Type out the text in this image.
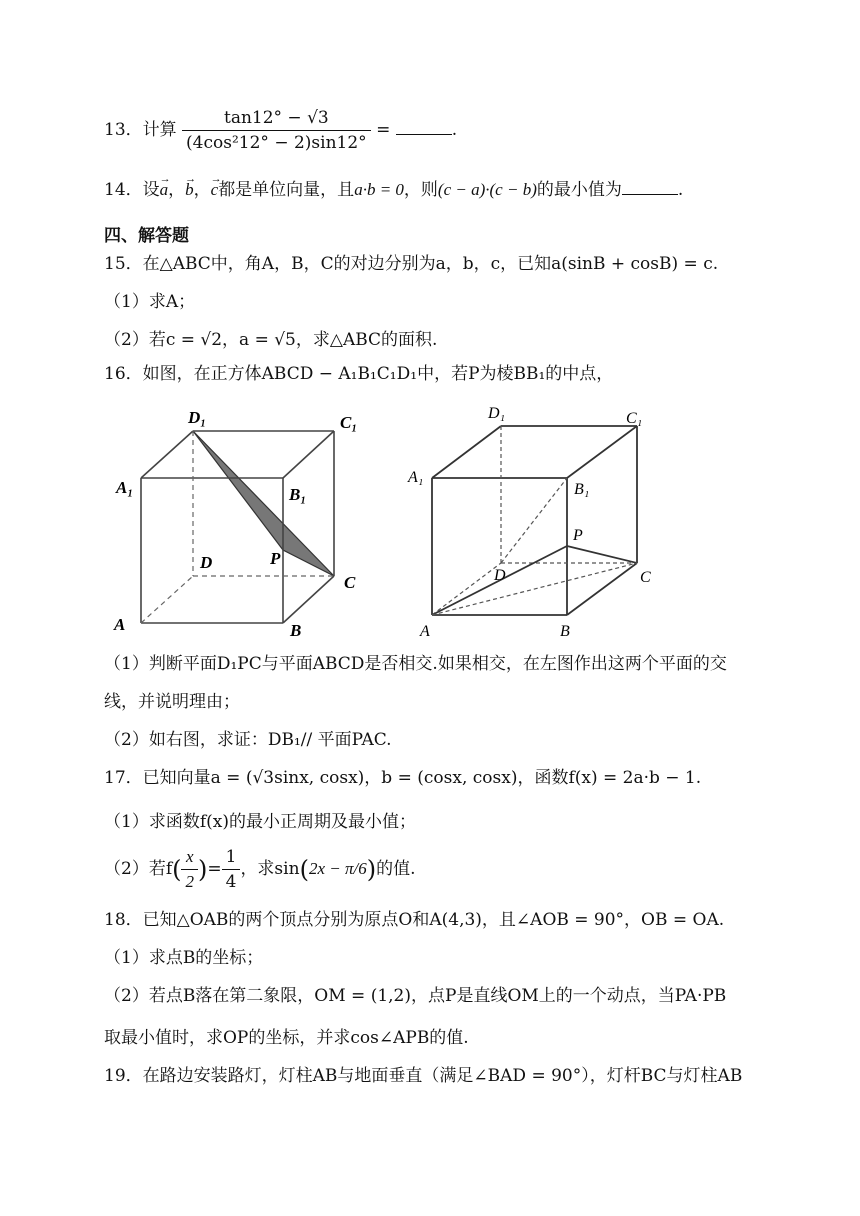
13．计算 $\frac{\tan 12^\circ - √3}{\text{(4cos²12° − 2)sin12°}}$ =	.
14．设→ a，→ b，→ c都是单位向量，且a·b = 0，则(c − a)·(c − b)的最小值为	.
四、解答题
15．在△ABC中，角A，B，C的对边分别为a，b，c，已知a(sinB + cosB) = c.
（1）求A；
（2）若c = √2，a = √5，求△ABC的面积.
16．如图，在正方体ABCD − A₁B₁C₁D₁中，若P为棱BB₁的中点，
D₁	C₁
A₁	B₁
D	P
C
A	B
D₁	C₁
A₁
B₁
P
D	C
A	B
（1）判断平面D₁PC与平面ABCD是否相交.如果相交，在左图作出这两个平面的交
线，并说明理由；
（2）如右图，求证：DB₁// 平面PAC.
17．已知向量a = (√3sinx, cosx)，b = (cosx, cosx)，函数f(x) = 2a·b − 1.
（1）求函数f(x)的最小正周期及最小值；
（2）若$f( \frac{x}{2}$ )= $\frac{1}{4}$ ，求sin(2x − π/6)的值.
18．已知△OAB的两个顶点分别为原点O和A(4,3)，且∠AOB = 90°，OB = OA.
（1）求点B的坐标；
（2）若点B落在第二象限，OM = (1,2)，点P是直线OM上的一个动点，当PA·PB
取最小值时，求OP的坐标，并求cos∠APB的值.
19．在路边安装路灯，灯柱AB与地面垂直（满足∠BAD = 90°），灯杆BC与灯柱AB
